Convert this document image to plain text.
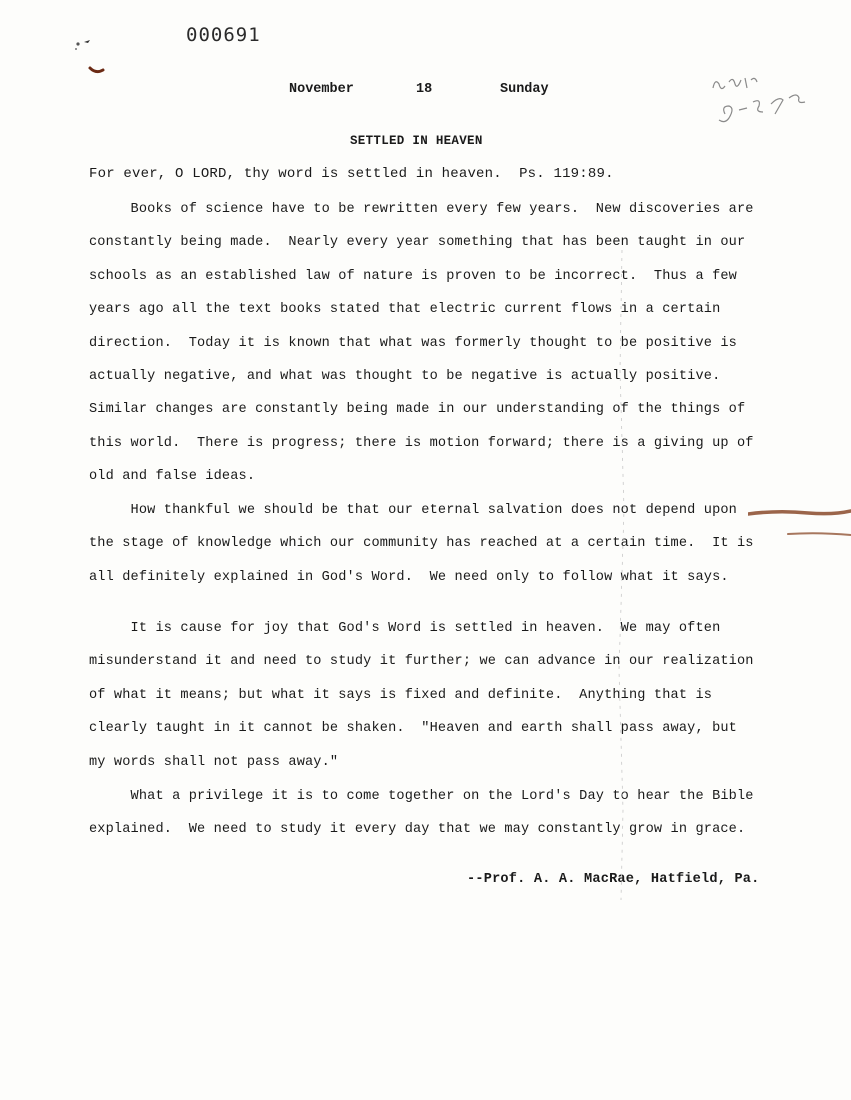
000691
November	18	Sunday
SETTLED IN HEAVEN
For ever, O LORD, thy word is settled in heaven.  Ps. 119:89.
Books of science have to be rewritten every few years.  New discoveries are
constantly being made.  Nearly every year something that has been taught in our
schools as an established law of nature is proven to be incorrect.  Thus a few
years ago all the text books stated that electric current flows in a certain
direction.  Today it is known that what was formerly thought to be positive is
actually negative, and what was thought to be negative is actually positive.
Similar changes are constantly being made in our understanding of the things of
this world.  There is progress; there is motion forward; there is a giving up of
old and false ideas.
How thankful we should be that our eternal salvation does not depend upon
the stage of knowledge which our community has reached at a certain time.  It is
all definitely explained in God's Word.  We need only to follow what it says.
It is cause for joy that God's Word is settled in heaven.  We may often
misunderstand it and need to study it further; we can advance in our realization
of what it means; but what it says is fixed and definite.  Anything that is
clearly taught in it cannot be shaken.  "Heaven and earth shall pass away, but
my words shall not pass away."
What a privilege it is to come together on the Lord's Day to hear the Bible
explained.  We need to study it every day that we may constantly grow in grace.
--Prof. A. A. MacRae, Hatfield, Pa.
